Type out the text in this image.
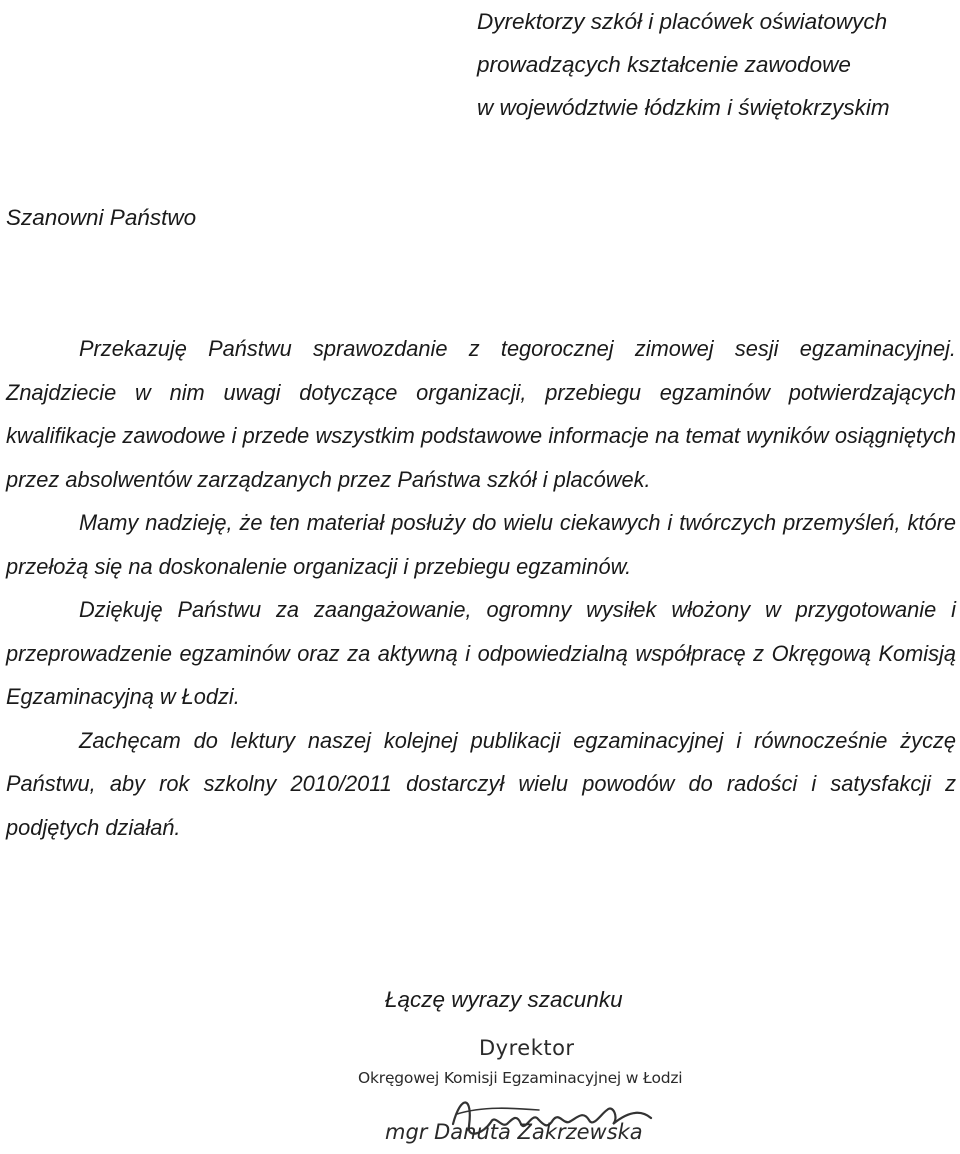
Dyrektorzy szkół i placówek oświatowych
prowadzących kształcenie zawodowe
w województwie łódzkim i świętokrzyskim
Szanowni Państwo

Przekazuję Państwu sprawozdanie z tegorocznej zimowej sesji egzaminacyjnej. Znajdziecie w nim uwagi dotyczące organizacji, przebiegu egzaminów potwierdzających kwalifikacje zawodowe i przede wszystkim podstawowe informacje na temat wyników osiągniętych przez absolwentów zarządzanych przez Państwa szkół i placówek.

Mamy nadzieję, że ten materiał posłuży do wielu ciekawych i twórczych przemyśleń, które przełożą się na doskonalenie organizacji i przebiegu egzaminów.

Dziękuję Państwu za zaangażowanie, ogromny wysiłek włożony w przygotowanie i przeprowadzenie egzaminów oraz za aktywną i odpowiedzialną współpracę z Okręgową Komisją Egzaminacyjną w Łodzi.

Zachęcam do lektury naszej kolejnej publikacji egzaminacyjnej i równocześnie życzę Państwu, aby rok szkolny 2010/2011 dostarczył wielu powodów do radości i satysfakcji z podjętych działań.

Łączę wyrazy szacunku
Dyrektor
Okręgowej Komisji Egzaminacyjnej w Łodzi
mgr Danuta Zakrzewska
